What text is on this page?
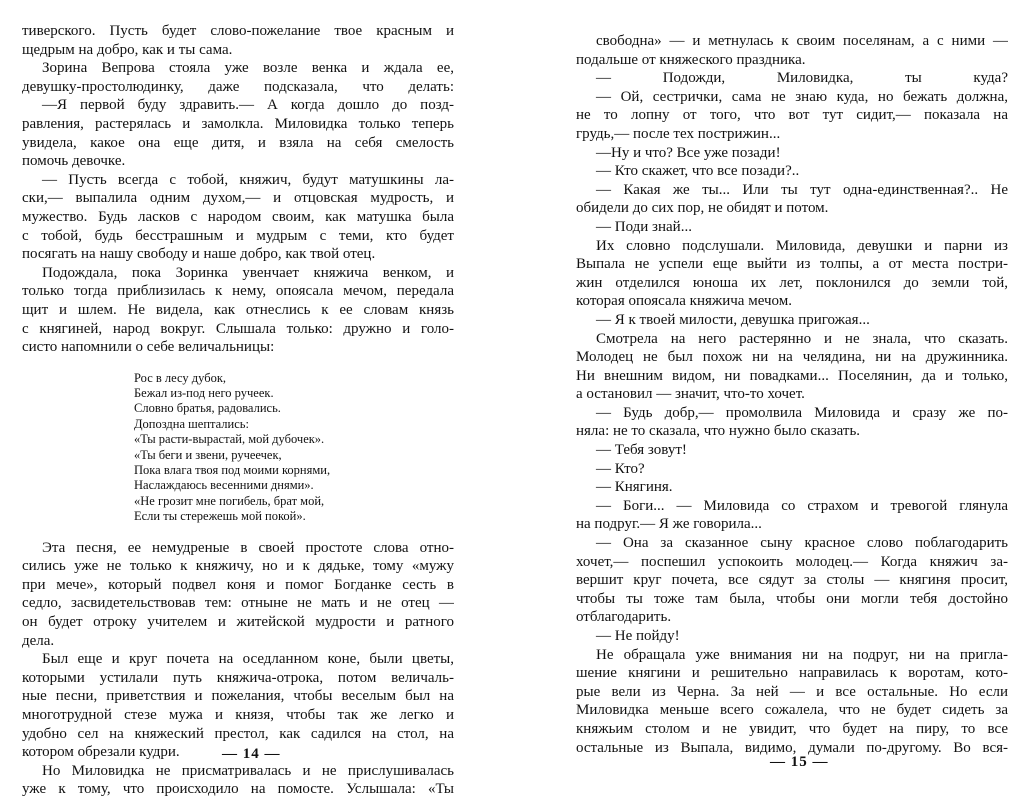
тиверского. Пусть будет слово-пожелание твое красным и
щедрым на добро, как и ты сама.
Зорина Вепрова стояла уже возле венка и ждала ее,
девушку-простолюдинку, даже подсказала, что делать:
—Я первой буду здравить.— А когда дошло до позд-
равления, растерялась и замолкла. Миловидка только теперь
увидела, какое она еще дитя, и взяла на себя смелость
помочь девочке.
— Пусть всегда с тобой, княжич, будут матушкины ла-
ски,— выпалила одним духом,— и отцовская мудрость, и
мужество. Будь ласков с народом своим, как матушка была
с тобой, будь бесстрашным и мудрым с теми, кто будет
посягать на нашу свободу и наше добро, как твой отец.
Подождала, пока Зоринка увенчает княжича венком, и
только тогда приблизилась к нему, опоясала мечом, передала
щит и шлем. Не видела, как отнеслись к ее словам князь
с княгиней, народ вокруг. Слышала только: дружно и голо-
систо напомнили о себе величальницы:
Рос в лесу дубок,
Бежал из-под него ручеек.
Словно братья, радовались.
Допоздна шептались:
«Ты расти-вырастай, мой дубочек».
«Ты беги и звени, ручеечек,
Пока влага твоя под моими корнями,
Наслаждаюсь весенними днями».
«Не грозит мне погибель, брат мой,
Если ты стережешь мой покой».
Эта песня, ее немудреные в своей простоте слова отно-
сились уже не только к княжичу, но и к дядьке, тому «мужу
при мече», который подвел коня и помог Богданке сесть в
седло, засвидетельствовав тем: отныне не мать и не отец —
он будет отроку учителем и житейской мудрости и ратного
дела.
Был еще и круг почета на оседланном коне, были цветы,
которыми устилали путь княжича-отрока, потом величаль-
ные песни, приветствия и пожелания, чтобы веселым был на
многотрудной стезе мужа и князя, чтобы так же легко и
удобно сел на княжеский престол, как садился на стол, на
котором обрезали кудри.
Но Миловидка не присматривалась и не прислушивалась
уже к тому, что происходило на помосте. Услышала: «Ты
— 14 —
свободна» — и метнулась к своим поселянам, а с ними —
подальше от княжеского праздника.
— Подожди, Миловидка, ты куда?
— Ой, сестрички, сама не знаю куда, но бежать должна,
не то лопну от того, что вот тут сидит,— показала на
грудь,— после тех пострижин...
—Ну и что? Все уже позади!
— Кто скажет, что все позади?..
— Какая же ты... Или ты тут одна-единственная?.. Не
обидели до сих пор, не обидят и потом.
— Поди знай...
Их словно подслушали. Миловида, девушки и парни из
Выпала не успели еще выйти из толпы, а от места постри-
жин отделился юноша их лет, поклонился до земли той,
которая опоясала княжича мечом.
— Я к твоей милости, девушка пригожая...
Смотрела на него растерянно и не знала, что сказать.
Молодец не был похож ни на челядина, ни на дружинника.
Ни внешним видом, ни повадками... Поселянин, да и только,
а остановил — значит, что-то хочет.
— Будь добр,— промолвила Миловида и сразу же по-
няла: не то сказала, что нужно было сказать.
— Тебя зовут!
— Кто?
— Княгиня.
— Боги... — Миловида со страхом и тревогой глянула
на подруг.— Я же говорила...
— Она за сказанное сыну красное слово поблагодарить
хочет,— поспешил успокоить молодец.— Когда княжич за-
вершит круг почета, все сядут за столы — княгиня просит,
чтобы ты тоже там была, чтобы они могли тебя достойно
отблагодарить.
— Не пойду!
Не обращала уже внимания ни на подруг, ни на пригла-
шение княгини и решительно направилась к воротам, кото-
рые вели из Черна. За ней — и все остальные. Но если
Миловидка меньше всего сожалела, что не будет сидеть за
княжьим столом и не увидит, что будет на пиру, то все
остальные из Выпала, видимо, думали по-другому. Во вся-
— 15 —
